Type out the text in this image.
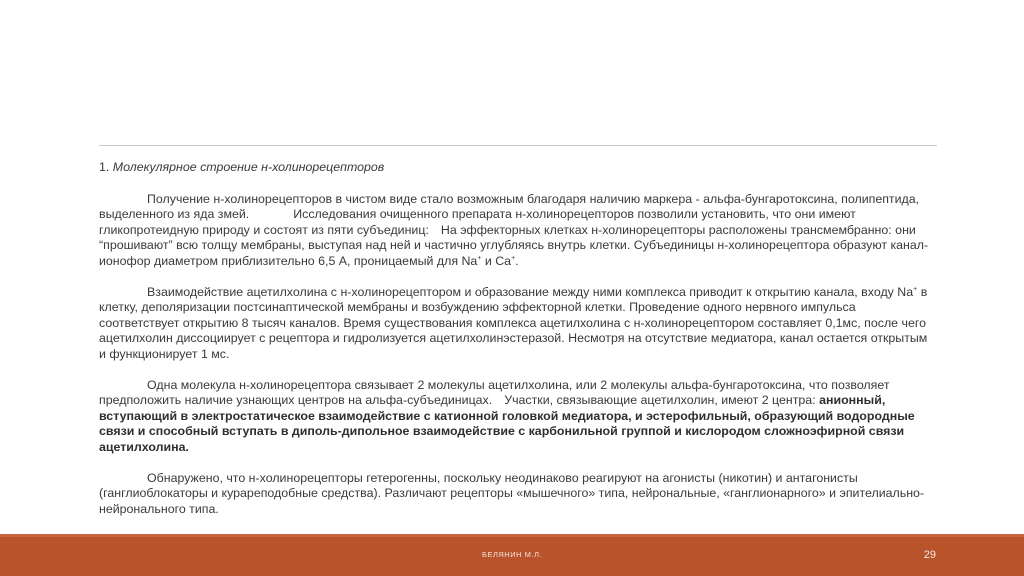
1. Молекулярное строение н-холинорецепторов

Получение н-холинорецепторов в чистом виде стало возможным благодаря наличию маркера - альфа-бунгаротоксина, полипептида, выделенного из яда змей.	Исследования очищенного препарата н-холинорецепторов позволили установить, что они имеют гликопротеидную природу и состоят из пяти субъединиц: На эффекторных клетках н-холинорецепторы расположены трансмембранно: они “прошивают” всю толщу мембраны, выступая над ней и частично углубляясь внутрь клетки. Субъединицы н-холинорецептора образуют канал-ионофор диаметром приблизительно 6,5 А, проницаемый для Na+ и Ca+.

Взаимодействие ацетилхолина с н-холинорецептором и образование между ними комплекса приводит к открытию канала, входу Na+ в клетку, деполяризации постсинаптической мембраны и возбуждению эффекторной клетки. Проведение одного нервного импульса соответствует открытию 8 тысяч каналов. Время существования комплекса ацетилхолина с н-холинорецептором составляет 0,1мс, после чего ацетилхолин диссоциирует с рецептора и гидролизуется ацетилхолинэстеразой. Несмотря на отсутствие медиатора, канал остается открытым и функционирует 1 мс.

Одна молекула н-холинорецептора связывает 2 молекулы ацетилхолина, или 2 молекулы альфа-бунгаротоксина, что позволяет предположить наличие узнающих центров на альфа-субъединицах. Участки, связывающие ацетилхолин, имеют 2 центра: анионный, вступающий в электростатическое взаимодействие с катионной головкой медиатора, и эстерофильный, образующий водородные связи и способный вступать в диполь-дипольное взаимодействие с карбонильной группой и кислородом сложноэфирной связи ацетилхолина.

Обнаружено, что н-холинорецепторы гетерогенны, поскольку неодинаково реагируют на агонисты (никотин) и антагонисты (ганглиоблокаторы и курареподобные средства). Различают рецепторы «мышечного» типа, нейрональные, «ганглионарного» и эпителиально-нейронального типа.

БЕЛЯНИН М.Л.	29
